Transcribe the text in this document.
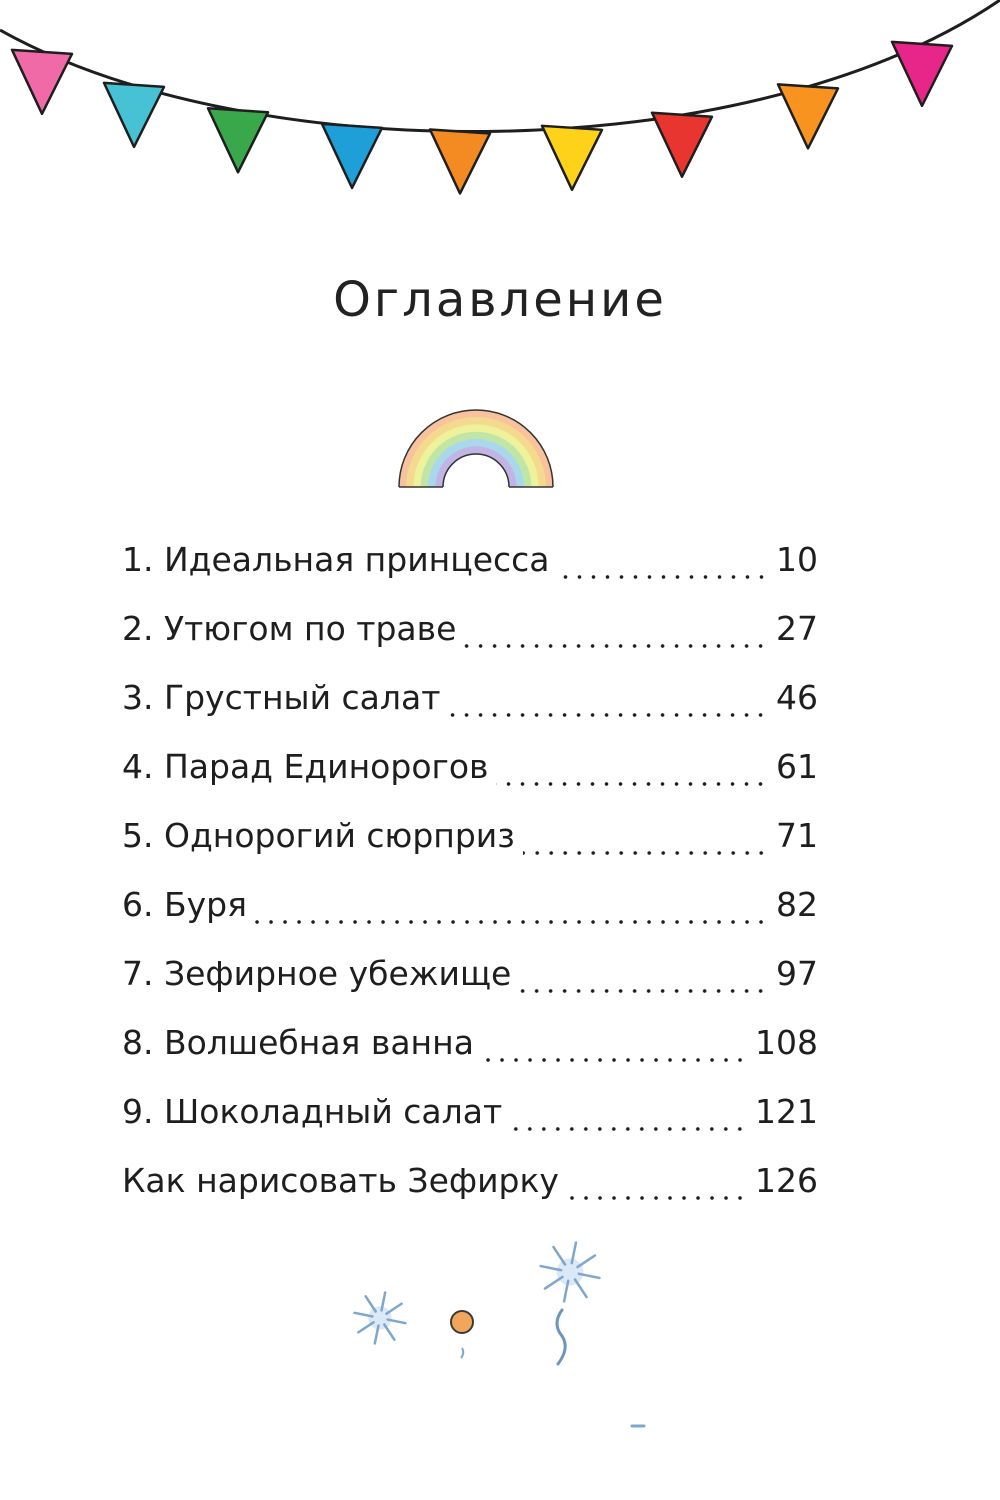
Оглавление
1. Идеальная принцесса	10
2. Утюгом по траве	27
3. Грустный салат	46
4. Парад Единорогов	61
5. Однорогий сюрприз	71
6. Буря	82
7. Зефирное убежище	97
8. Волшебная ванна	108
9. Шоколадный салат	121
Как нарисовать Зефирку	126
